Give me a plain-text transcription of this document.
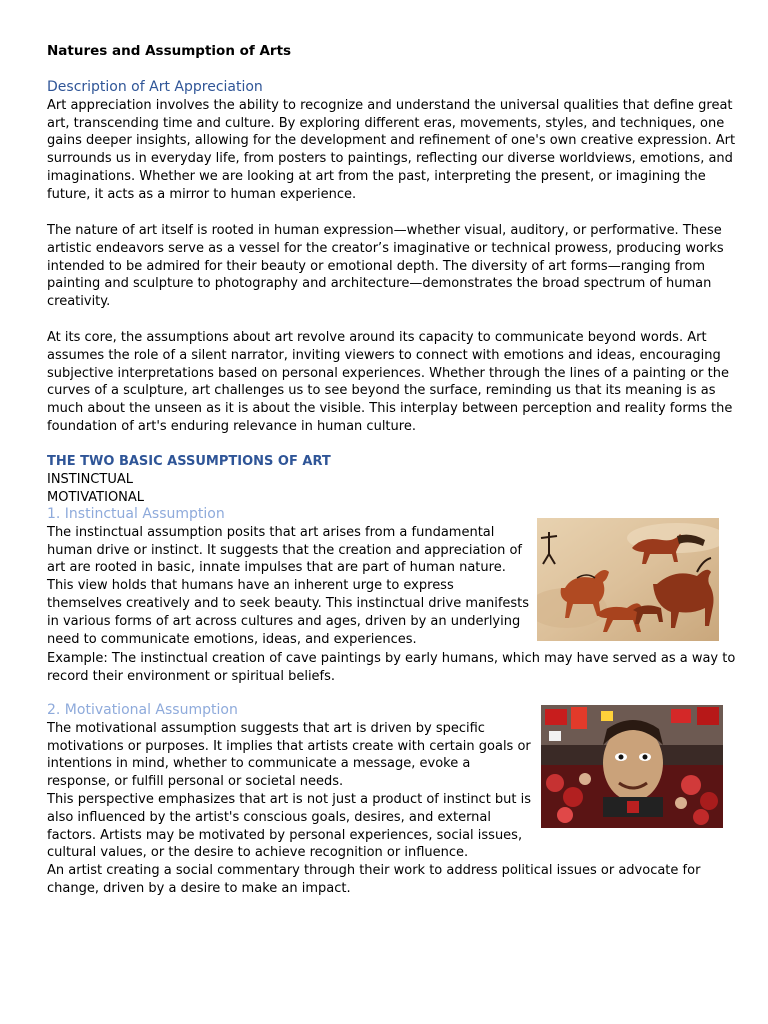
Natures and Assumption of Arts
Description of Art Appreciation

Art appreciation involves the ability to recognize and understand the universal qualities that define great art, transcending time and culture. By exploring different eras, movements, styles, and techniques, one gains deeper insights, allowing for the development and refinement of one's own creative expression. Art surrounds us in everyday life, from posters to paintings, reflecting our diverse worldviews, emotions, and imaginations. Whether we are looking at art from the past, interpreting the present, or imagining the future, it acts as a mirror to human experience.

The nature of art itself is rooted in human expression—whether visual, auditory, or performative. These artistic endeavors serve as a vessel for the creator’s imaginative or technical prowess, producing works intended to be admired for their beauty or emotional depth. The diversity of art forms—ranging from painting and sculpture to photography and architecture—demonstrates the broad spectrum of human creativity.

At its core, the assumptions about art revolve around its capacity to communicate beyond words. Art assumes the role of a silent narrator, inviting viewers to connect with emotions and ideas, encouraging subjective interpretations based on personal experiences. Whether through the lines of a painting or the curves of a sculpture, art challenges us to see beyond the surface, reminding us that its meaning is as much about the unseen as it is about the visible. This interplay between perception and reality forms the foundation of art's enduring relevance in human culture.

THE TWO BASIC ASSUMPTIONS OF ART
INSTINCTUAL
MOTIVATIONAL
1. Instinctual Assumption

The instinctual assumption posits that art arises from a fundamental human drive or instinct. It suggests that the creation and appreciation of art are rooted in basic, innate impulses that are part of human nature.

This view holds that humans have an inherent urge to express themselves creatively and to seek beauty. This instinctual drive manifests in various forms of art across cultures and ages, driven by an underlying need to communicate emotions, ideas, and experiences.

Example: The instinctual creation of cave paintings by early humans, which may have served as a way to record their environment or spiritual beliefs.

2. Motivational Assumption

The motivational assumption suggests that art is driven by specific motivations or purposes. It implies that artists create with certain goals or intentions in mind, whether to communicate a message, evoke a response, or fulfill personal or societal needs.

This perspective emphasizes that art is not just a product of instinct but is also influenced by the artist's conscious goals, desires, and external factors. Artists may be motivated by personal experiences, social issues, cultural values, or the desire to achieve recognition or influence.

An artist creating a social commentary through their work to address political issues or advocate for change, driven by a desire to make an impact.
